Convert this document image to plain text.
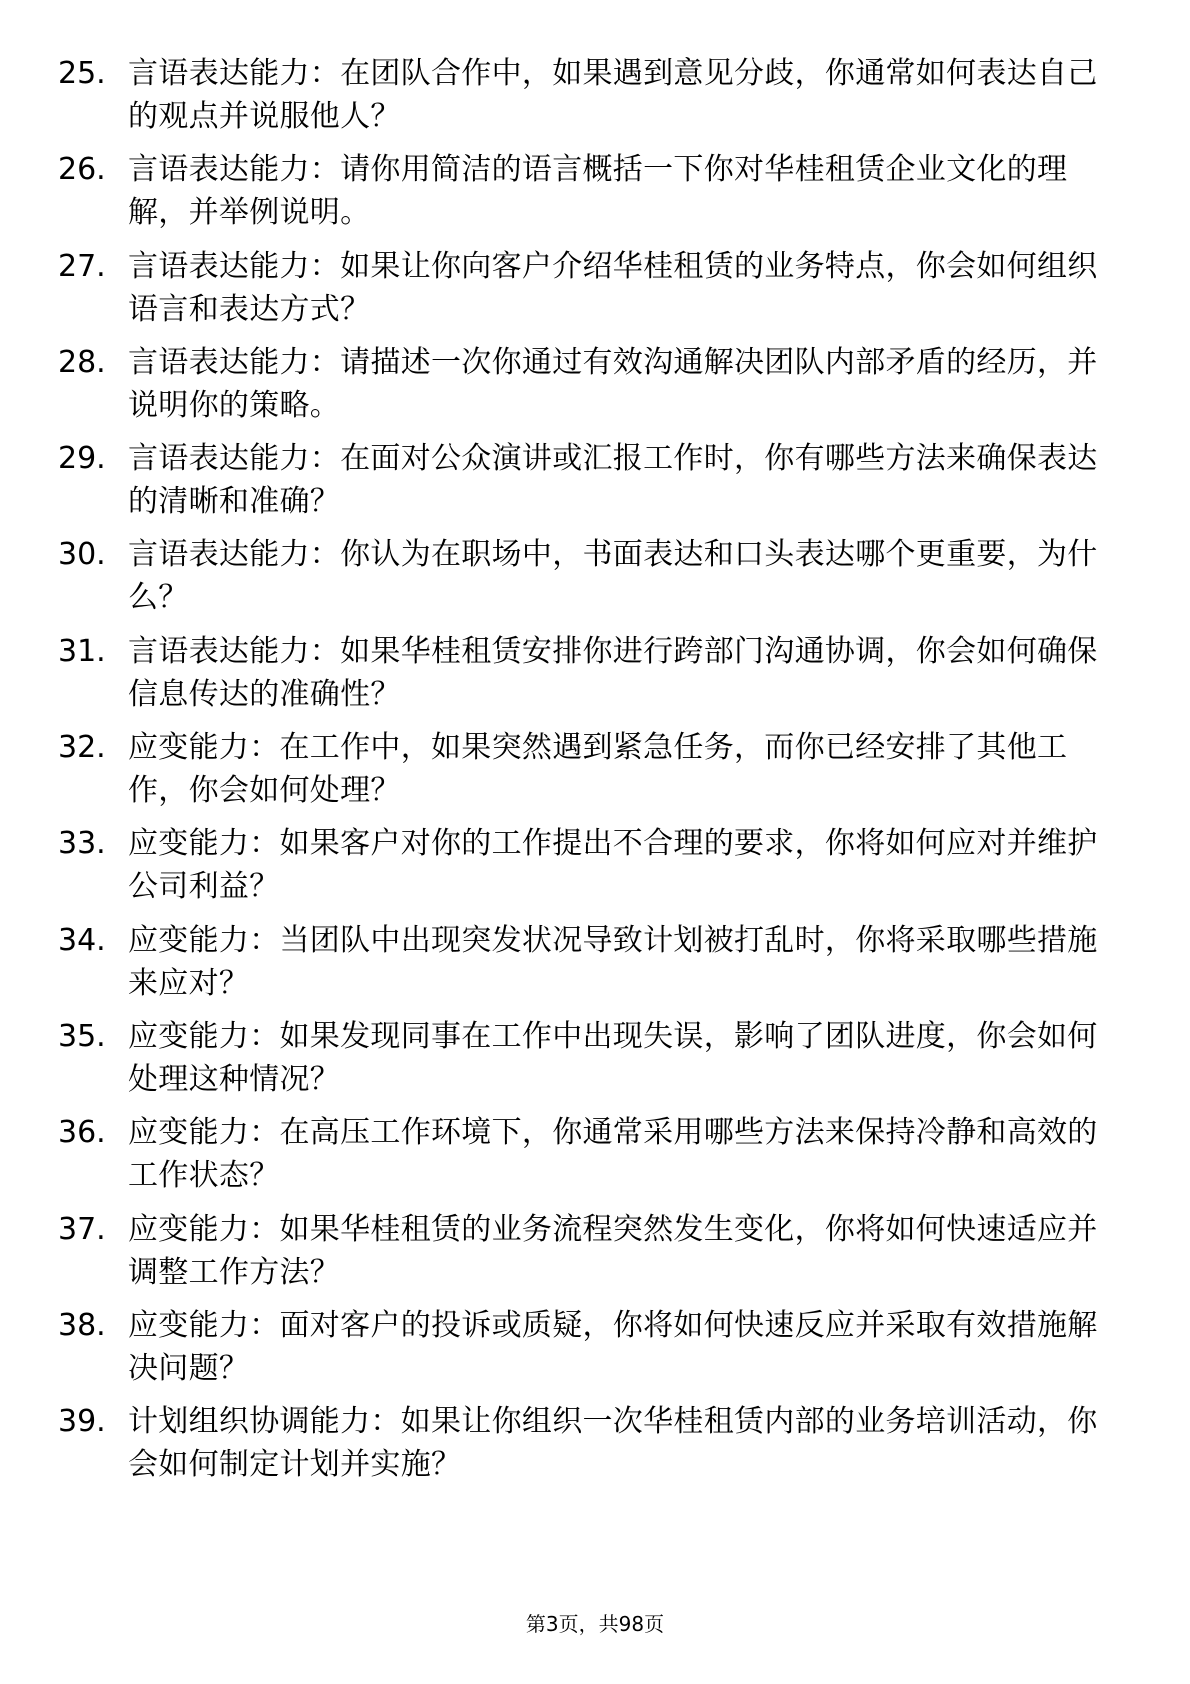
25. 言语表达能力：在团队合作中，如果遇到意见分歧，你通常如何表达自己的观点并说服他人？
26. 言语表达能力：请你用简洁的语言概括一下你对华桂租赁企业文化的理解，并举例说明。
27. 言语表达能力：如果让你向客户介绍华桂租赁的业务特点，你会如何组织语言和表达方式？
28. 言语表达能力：请描述一次你通过有效沟通解决团队内部矛盾的经历，并说明你的策略。
29. 言语表达能力：在面对公众演讲或汇报工作时，你有哪些方法来确保表达的清晰和准确？
30. 言语表达能力：你认为在职场中，书面表达和口头表达哪个更重要，为什么？
31. 言语表达能力：如果华桂租赁安排你进行跨部门沟通协调，你会如何确保信息传达的准确性？
32. 应变能力：在工作中，如果突然遇到紧急任务，而你已经安排了其他工作，你会如何处理？
33. 应变能力：如果客户对你的工作提出不合理的要求，你将如何应对并维护公司利益？
34. 应变能力：当团队中出现突发状况导致计划被打乱时，你将采取哪些措施来应对？
35. 应变能力：如果发现同事在工作中出现失误，影响了团队进度，你会如何处理这种情况？
36. 应变能力：在高压工作环境下，你通常采用哪些方法来保持冷静和高效的工作状态？
37. 应变能力：如果华桂租赁的业务流程突然发生变化，你将如何快速适应并调整工作方法？
38. 应变能力：面对客户的投诉或质疑，你将如何快速反应并采取有效措施解决问题？
39. 计划组织协调能力：如果让你组织一次华桂租赁内部的业务培训活动，你会如何制定计划并实施？
第3页，共98页
